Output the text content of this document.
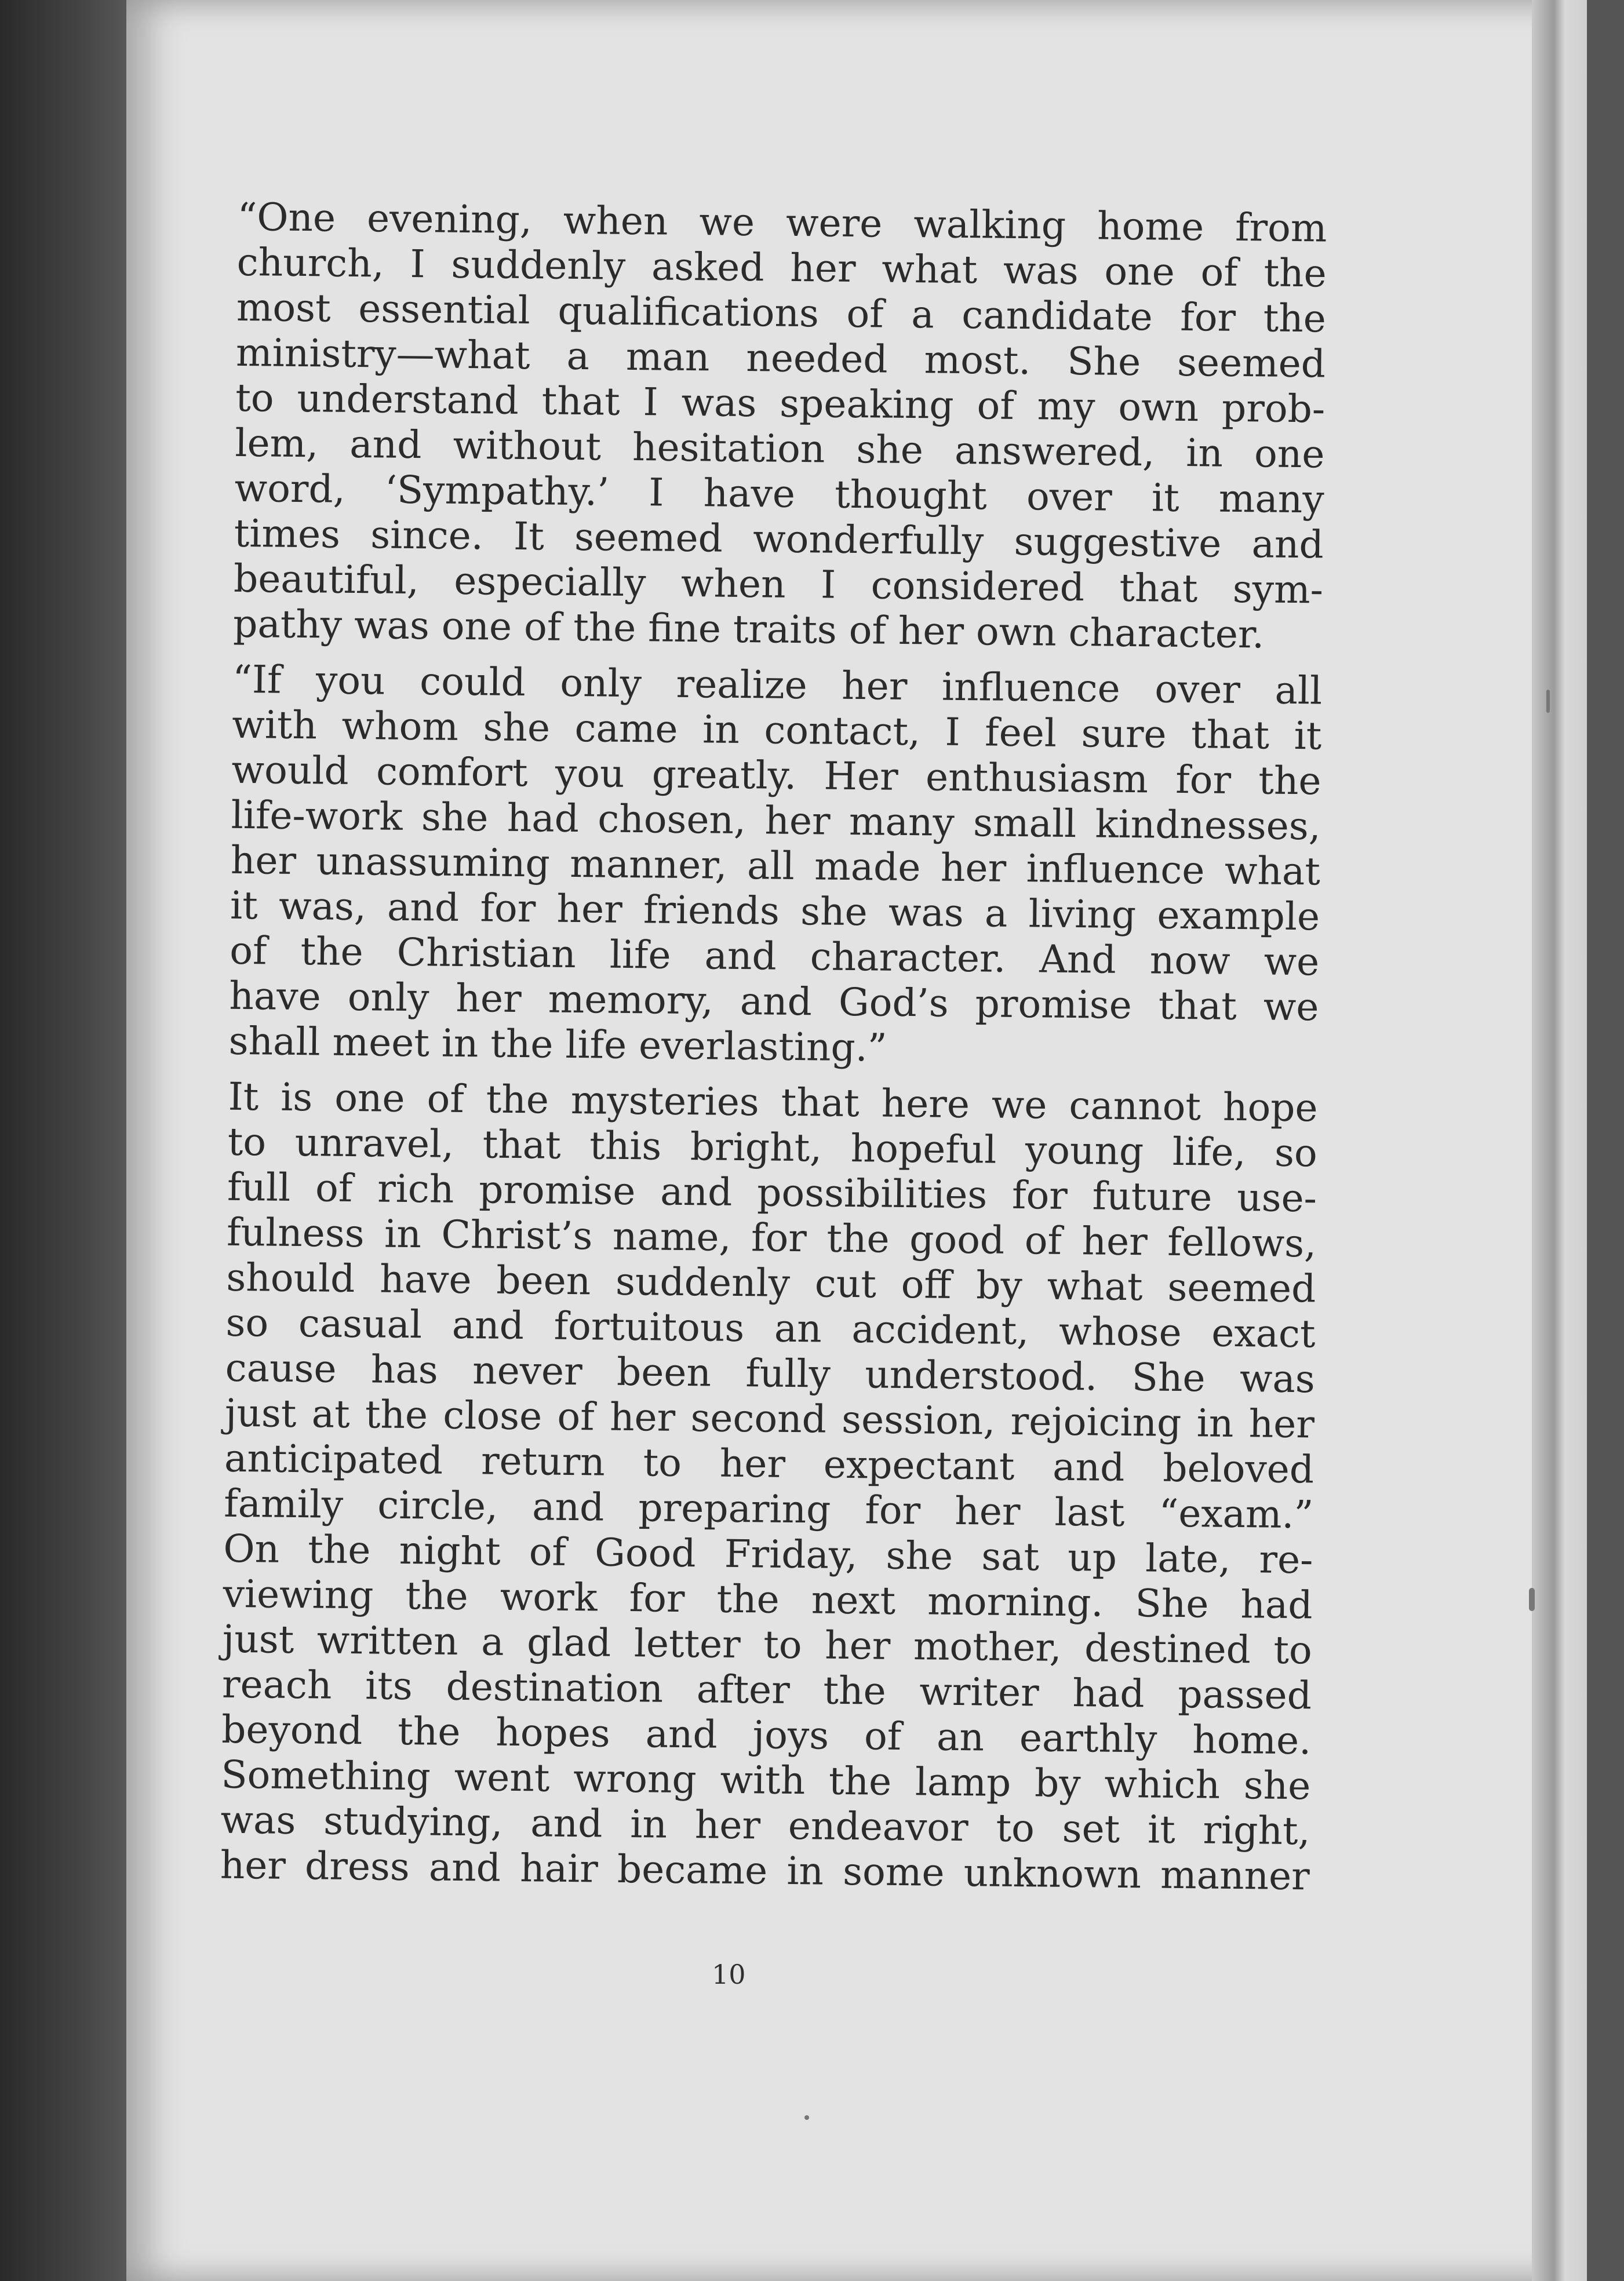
“One evening, when we were walking home from
church, I suddenly asked her what was one of the
most essential qualifications of a candidate for the
ministry—what a man needed most. She seemed
to understand that I was speaking of my own prob-
lem, and without hesitation she answered, in one
word, ‘Sympathy.’ I have thought over it many
times since. It seemed wonderfully suggestive and
beautiful, especially when I considered that sym-
pathy was one of the fine traits of her own character.

“If you could only realize her influence over all
with whom she came in contact, I feel sure that it
would comfort you greatly. Her enthusiasm for the
life-work she had chosen, her many small kindnesses,
her unassuming manner, all made her influence what
it was, and for her friends she was a living example
of the Christian life and character. And now we
have only her memory, and God’s promise that we
shall meet in the life everlasting.”

It is one of the mysteries that here we cannot hope
to unravel, that this bright, hopeful young life, so
full of rich promise and possibilities for future use-
fulness in Christ’s name, for the good of her fellows,
should have been suddenly cut off by what seemed
so casual and fortuitous an accident, whose exact
cause has never been fully understood. She was
just at the close of her second session, rejoicing in her
anticipated return to her expectant and beloved
family circle, and preparing for her last “exam.”
On the night of Good Friday, she sat up late, re-
viewing the work for the next morning. She had
just written a glad letter to her mother, destined to
reach its destination after the writer had passed
beyond the hopes and joys of an earthly home.
Something went wrong with the lamp by which she
was studying, and in her endeavor to set it right,
her dress and hair became in some unknown manner

10
